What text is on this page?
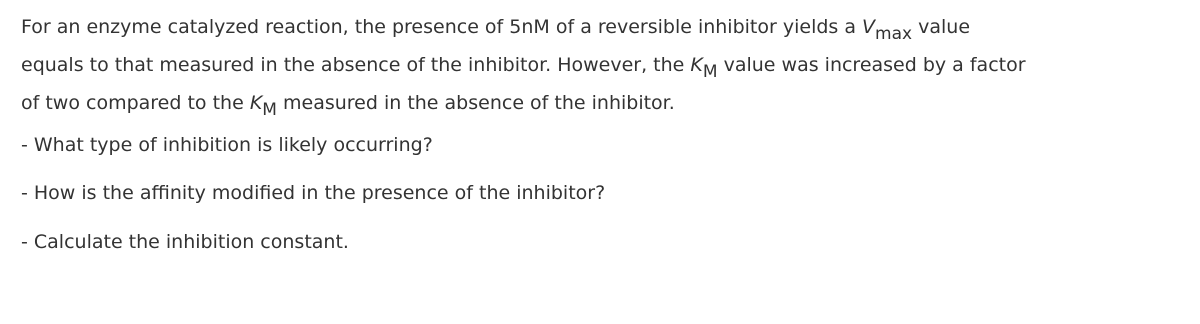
For an enzyme catalyzed reaction, the presence of 5nM of a reversible inhibitor yields a Vmax value
equals to that measured in the absence of the inhibitor. However, the KM value was increased by a factor
of two compared to the KM measured in the absence of the inhibitor.

- What type of inhibition is likely occurring?

- How is the affinity modified in the presence of the inhibitor?

- Calculate the inhibition constant.
